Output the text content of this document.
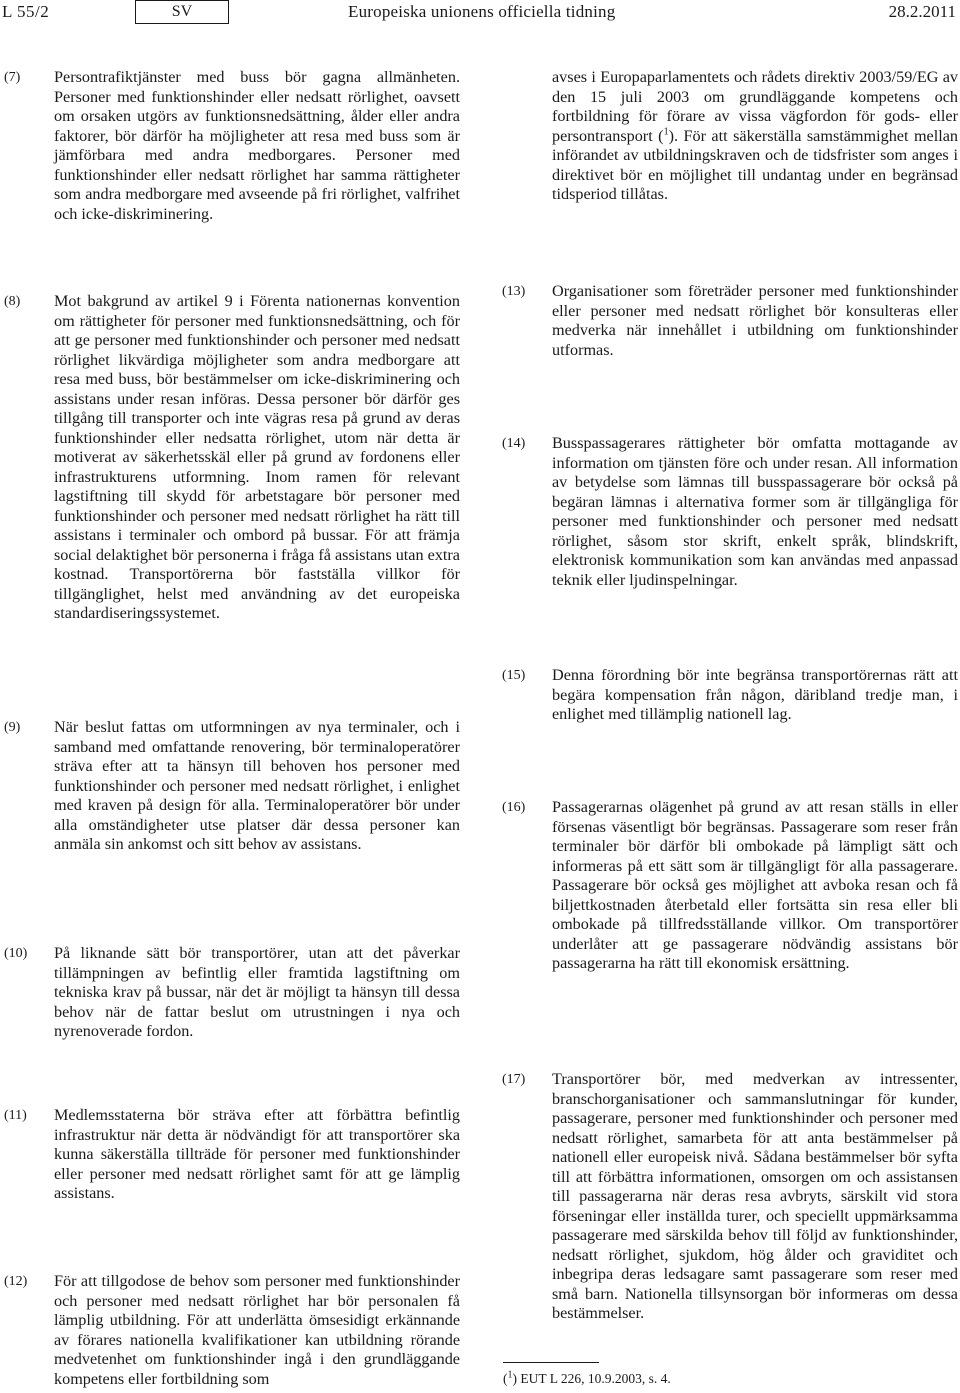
L 55/2	SV	Europeiska unionens officiella tidning	28.2.2011
(7) Persontrafiktjänster med buss bör gagna allmänheten. Personer med funktionshinder eller nedsatt rörlighet, oavsett om orsaken utgörs av funktionsnedsättning, ålder eller andra faktorer, bör därför ha möjligheter att resa med buss som är jämförbara med andra medborgares. Personer med funktionshinder eller nedsatt rörlighet har samma rättigheter som andra medborgare med avseende på fri rörlighet, valfrihet och icke-diskriminering.
(8) Mot bakgrund av artikel 9 i Förenta nationernas konvention om rättigheter för personer med funktionsnedsättning, och för att ge personer med funktionshinder och personer med nedsatt rörlighet likvärdiga möjligheter som andra medborgare att resa med buss, bör bestämmelser om icke-diskriminering och assistans under resan införas. Dessa personer bör därför ges tillgång till transporter och inte vägras resa på grund av deras funktionshinder eller nedsatta rörlighet, utom när detta är motiverat av säkerhetsskäl eller på grund av fordonens eller infrastrukturens utformning. Inom ramen för relevant lagstiftning till skydd för arbetstagare bör personer med funktionshinder och personer med nedsatt rörlighet ha rätt till assistans i terminaler och ombord på bussar. För att främja social delaktighet bör personerna i fråga få assistans utan extra kostnad. Transportörerna bör fastställa villkor för tillgänglighet, helst med användning av det europeiska standardiseringssystemet.
(9) När beslut fattas om utformningen av nya terminaler, och i samband med omfattande renovering, bör terminaloperatörer sträva efter att ta hänsyn till behoven hos personer med funktionshinder och personer med nedsatt rörlighet, i enlighet med kraven på design för alla. Terminaloperatörer bör under alla omständigheter utse platser där dessa personer kan anmäla sin ankomst och sitt behov av assistans.
(10) På liknande sätt bör transportörer, utan att det påverkar tillämpningen av befintlig eller framtida lagstiftning om tekniska krav på bussar, när det är möjligt ta hänsyn till dessa behov när de fattar beslut om utrustningen i nya och nyrenoverade fordon.
(11) Medlemsstaterna bör sträva efter att förbättra befintlig infrastruktur när detta är nödvändigt för att transportörer ska kunna säkerställa tillträde för personer med funktionshinder eller personer med nedsatt rörlighet samt för att ge lämplig assistans.
(12) För att tillgodose de behov som personer med funktionshinder och personer med nedsatt rörlighet har bör personalen få lämplig utbildning. För att underlätta ömsesidigt erkännande av förares nationella kvalifikationer kan utbildning rörande medvetenhet om funktionshinder ingå i den grundläggande kompetens eller fortbildning som
avses i Europaparlamentets och rådets direktiv 2003/59/EG av den 15 juli 2003 om grundläggande kompetens och fortbildning för förare av vissa vägfordon för gods- eller persontransport ($^1$). För att säkerställa samstämmighet mellan införandet av utbildningskraven och de tidsfrister som anges i direktivet bör en möjlighet till undantag under en begränsad tidsperiod tillåtas.
(13) Organisationer som företräder personer med funktionshinder eller personer med nedsatt rörlighet bör konsulteras eller medverka när innehållet i utbildning om funktionshinder utformas.
(14) Busspassagerares rättigheter bör omfatta mottagande av information om tjänsten före och under resan. All information av betydelse som lämnas till busspassagerare bör också på begäran lämnas i alternativa former som är tillgängliga för personer med funktionshinder och personer med nedsatt rörlighet, såsom stor skrift, enkelt språk, blindskrift, elektronisk kommunikation som kan användas med anpassad teknik eller ljudinspelningar.
(15) Denna förordning bör inte begränsa transportörernas rätt att begära kompensation från någon, däribland tredje man, i enlighet med tillämplig nationell lag.
(16) Passagerarnas olägenhet på grund av att resan ställs in eller försenas väsentligt bör begränsas. Passagerare som reser från terminaler bör därför bli ombokade på lämpligt sätt och informeras på ett sätt som är tillgängligt för alla passagerare. Passagerare bör också ges möjlighet att avboka resan och få biljettkostnaden återbetald eller fortsätta sin resa eller bli ombokade på tillfredsställande villkor. Om transportörer underlåter att ge passagerare nödvändig assistans bör passagerarna ha rätt till ekonomisk ersättning.
(17) Transportörer bör, med medverkan av intressenter, branschorganisationer och sammanslutningar för kunder, passagerare, personer med funktionshinder och personer med nedsatt rörlighet, samarbeta för att anta bestämmelser på nationell eller europeisk nivå. Sådana bestämmelser bör syfta till att förbättra informationen, omsorgen om och assistansen till passagerarna när deras resa avbryts, särskilt vid stora förseningar eller inställda turer, och speciellt uppmärksamma passagerare med särskilda behov till följd av funktionshinder, nedsatt rörlighet, sjukdom, hög ålder och graviditet och inbegripa deras ledsagare samt passagerare som reser med små barn. Nationella tillsynsorgan bör informeras om dessa bestämmelser.
($^1$) EUT L 226, 10.9.2003, s. 4.
